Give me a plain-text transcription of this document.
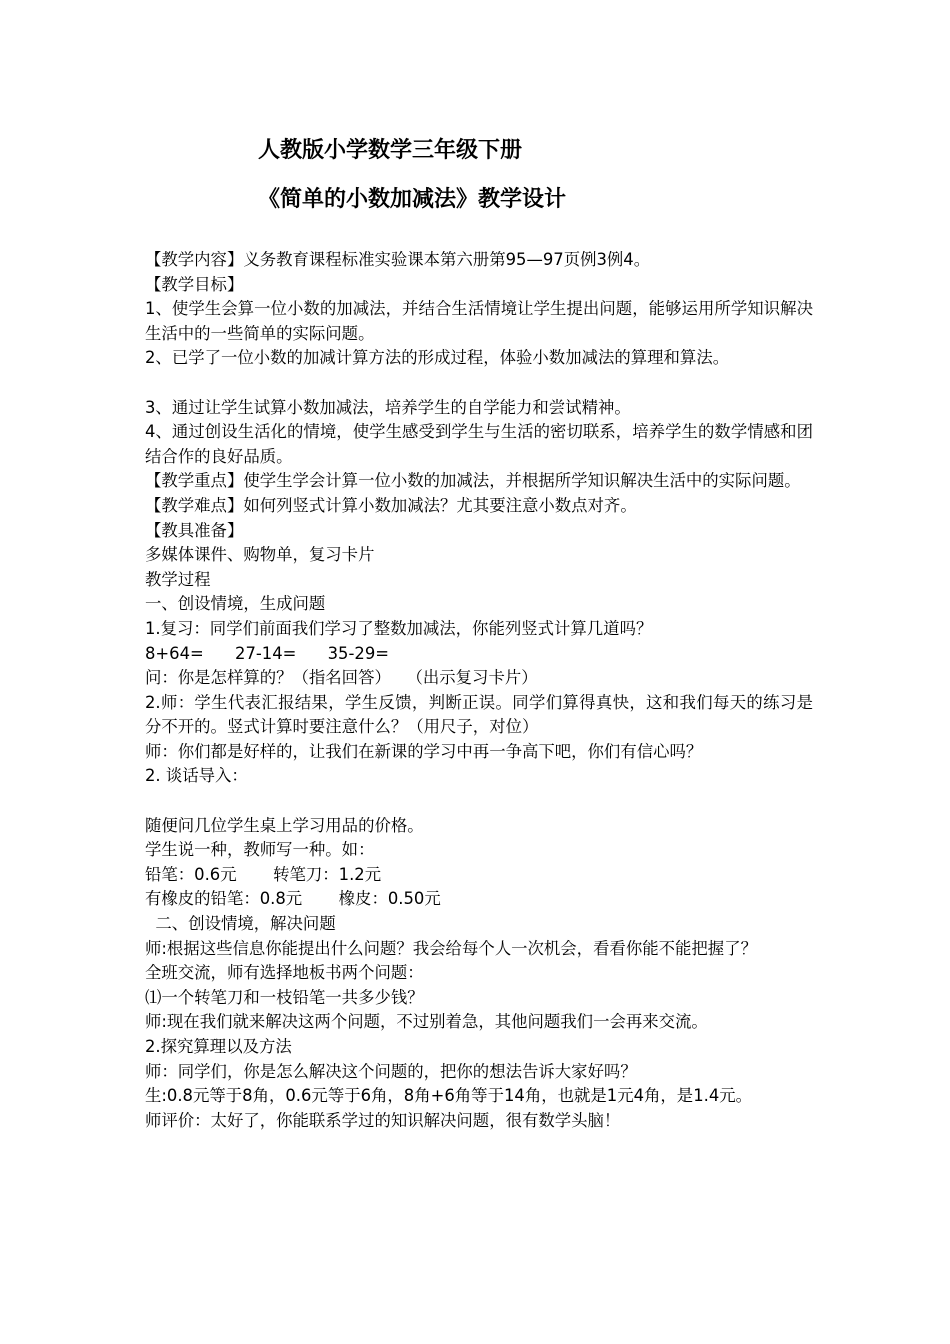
人教版小学数学三年级下册
《简单的小数加减法》教学设计

【教学内容】义务教育课程标准实验课本第六册第95—97页例3例4。

【教学目标】

1、使学生会算一位小数的加减法，并结合生活情境让学生提出问题，能够运用所学知识解决生活中的一些简单的实际问题。

2、已学了一位小数的加减计算方法的形成过程，体验小数加减法的算理和算法。

3、通过让学生试算小数加减法，培养学生的自学能力和尝试精神。

4、通过创设生活化的情境，使学生感受到学生与生活的密切联系，培养学生的数学情感和团结合作的良好品质。

【教学重点】使学生学会计算一位小数的加减法，并根据所学知识解决生活中的实际问题。

【教学难点】如何列竖式计算小数加减法？尤其要注意小数点对齐。

【教具准备】

多媒体课件、购物单，复习卡片

教学过程

一、创设情境，生成问题

1.复习：同学们前面我们学习了整数加减法，你能列竖式计算几道吗？

8+64=      27-14=      35-29=

问：你是怎样算的？（指名回答）   （出示复习卡片）

2.师：学生代表汇报结果，学生反馈，判断正误。同学们算得真快，这和我们每天的练习是分不开的。竖式计算时要注意什么？（用尺子，对位）

师：你们都是好样的，让我们在新课的学习中再一争高下吧，你们有信心吗？

2. 谈话导入：

随便问几位学生桌上学习用品的价格。

学生说一种，教师写一种。如：

铅笔：0.6元       转笔刀：1.2元

有橡皮的铅笔：0.8元       橡皮：0.50元

二、创设情境，解决问题

师:根据这些信息你能提出什么问题？我会给每个人一次机会，看看你能不能把握了？

全班交流，师有选择地板书两个问题：

⑴一个转笔刀和一枝铅笔一共多少钱？

师:现在我们就来解决这两个问题，不过别着急，其他问题我们一会再来交流。

2.探究算理以及方法

师：同学们，你是怎么解决这个问题的，把你的想法告诉大家好吗？

生:0.8元等于8角，0.6元等于6角，8角+6角等于14角，也就是1元4角，是1.4元。

师评价：太好了，你能联系学过的知识解决问题，很有数学头脑！
